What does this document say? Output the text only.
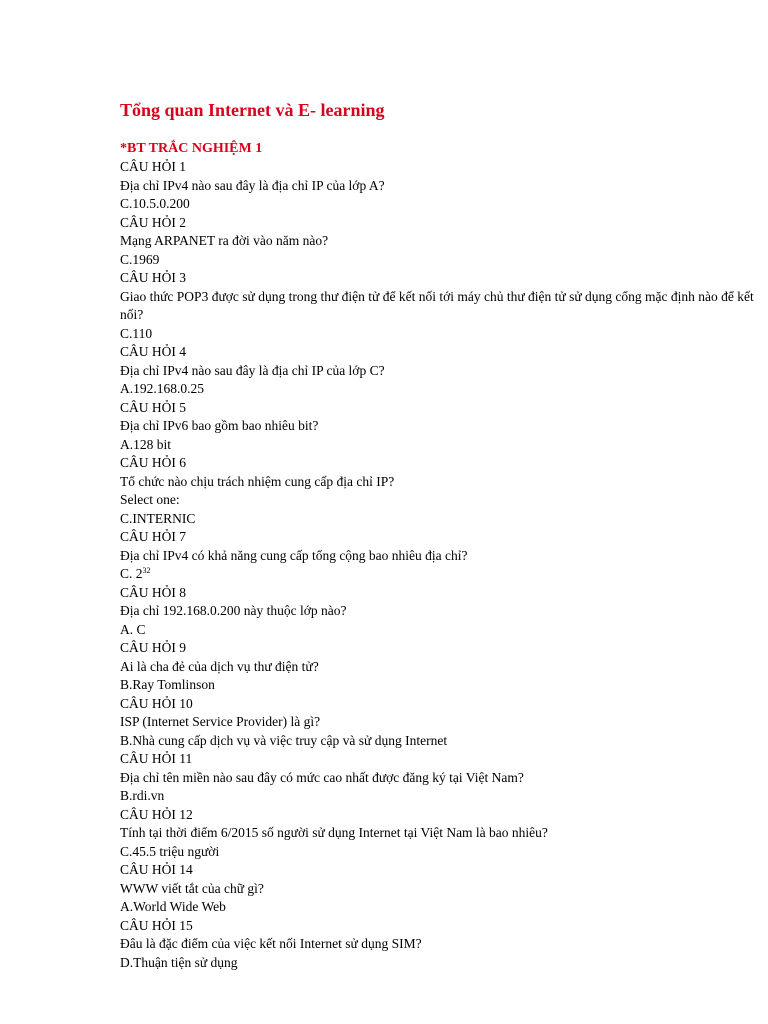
Tổng quan Internet và E- learning
*BT TRẮC NGHIỆM 1
CÂU HỎI 1
Địa chỉ IPv4 nào sau đây là địa chỉ IP của lớp A?
C.10.5.0.200
CÂU HỎI 2
Mạng ARPANET ra đời vào năm nào?
C.1969
CÂU HỎI 3
Giao thức POP3 được sử dụng trong thư điện tử để kết nối tới máy chủ thư điện tử sử dụng cổng mặc định nào để kết nối?
C.110
CÂU HỎI 4
Địa chỉ IPv4 nào sau đây là địa chỉ IP của lớp C?
A.192.168.0.25
CÂU HỎI 5
Địa chỉ IPv6 bao gồm bao nhiêu bit?
A.128 bit
CÂU HỎI 6
Tổ chức nào chịu trách nhiệm cung cấp địa chỉ IP?
Select one:
C.INTERNIC
CÂU HỎI 7
Địa chỉ IPv4 có khả năng cung cấp tổng cộng bao nhiêu địa chỉ?
C. $2^{32}$
CÂU HỎI 8
Địa chỉ 192.168.0.200 này thuộc lớp nào?
A. C
CÂU HỎI 9
Ai là cha đẻ của dịch vụ thư điện tử?
B.Ray Tomlinson
CÂU HỎI 10
ISP (Internet Service Provider) là gì?
B.Nhà cung cấp dịch vụ và việc truy cập và sử dụng Internet
CÂU HỎI 11
Địa chỉ tên miền nào sau đây có mức cao nhất được đăng ký tại Việt Nam?
B.rdi.vn
CÂU HỎI 12
Tính tại thời điểm 6/2015 số người sử dụng Internet tại Việt Nam là bao nhiêu?
C.45.5 triệu người
CÂU HỎI 14
WWW viết tắt của chữ gì?
A.World Wide Web
CÂU HỎI 15
Đâu là đặc điểm của việc kết nối Internet sử dụng SIM?
D.Thuận tiện sử dụng
